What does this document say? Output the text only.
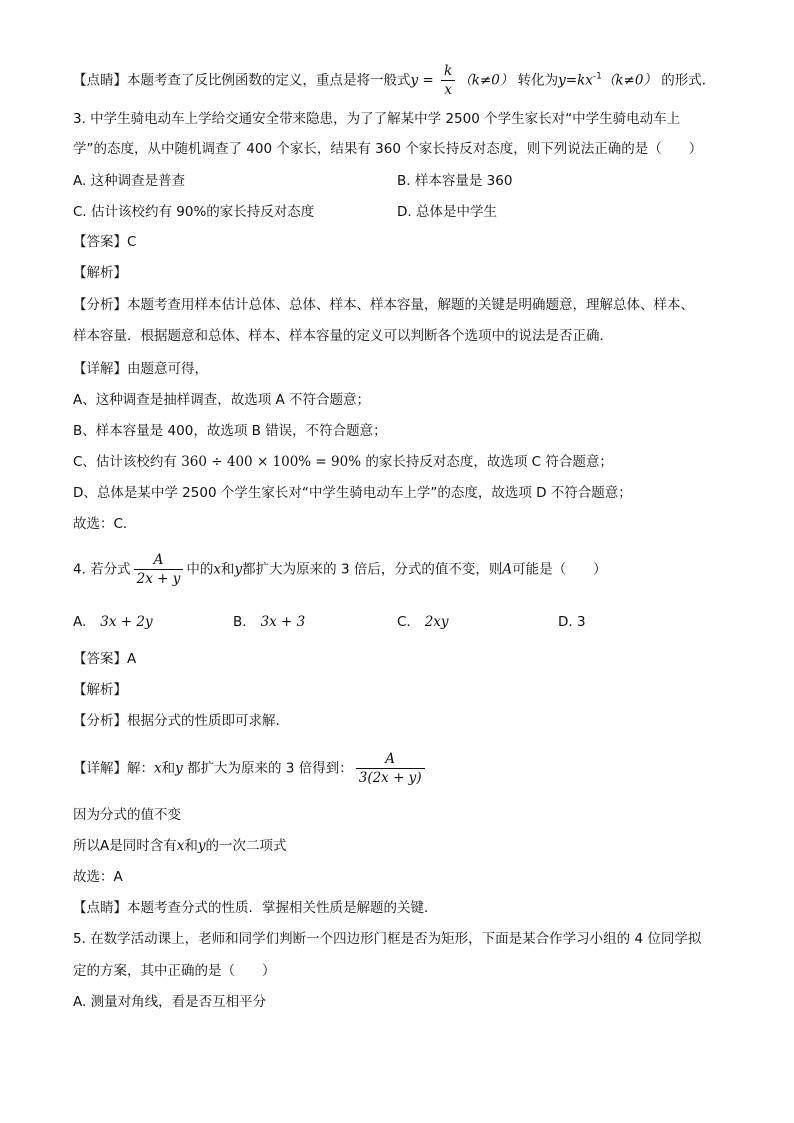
【点睛】本题考查了反比例函数的定义，重点是将一般式$y = \frac{k}{x} (k\ne 0)$ 转化为$y=kx^{-1}(k\ne 0)$ 的形式．
3. 中学生骑电动车上学给交通安全带来隐患，为了了解某中学 2500 个学生家长对“中学生骑电动车上
学”的态度，从中随机调查了 400 个家长，结果有 360 个家长持反对态度，则下列说法正确的是（　　）
A. 这种调查是普查	B. 样本容量是 360
C. 估计该校约有 90%的家长持反对态度	D. 总体是中学生
【答案】C
【解析】
【分析】本题考查用样本估计总体、总体、样本、样本容量，解题的关键是明确题意，理解总体、样本、
样本容量．根据题意和总体、样本、样本容量的定义可以判断各个选项中的说法是否正确．
【详解】由题意可得，
A、这种调查是抽样调查，故选项 A 不符合题意；
B、样本容量是 400，故选项 B 错误，不符合题意；
C、估计该校约有 360 ÷ 400 × 100% = 90% 的家长持反对态度，故选项 C 符合题意；
D、总体是某中学 2500 个学生家长对“中学生骑电动车上学”的态度，故选项 D 不符合题意；
故选：C．
4. 若分式 $\frac{A}{2x + y}$ 中的x和y都扩大为原来的 3 倍后，分式的值不变，则A可能是（　　）
A. 3x + 2y	B. 3x + 3	C. 2xy	D. 3
【答案】A
【解析】
【分析】根据分式的性质即可求解．
【详解】解：x和y 都扩大为原来的 3 倍得到： $\frac{A}{3(2x + y)}$
因为分式的值不变
所以A是同时含有x和y的一次二项式
故选：A
【点睛】本题考查分式的性质．掌握相关性质是解题的关键．
5. 在数学活动课上，老师和同学们判断一个四边形门框是否为矩形，下面是某合作学习小组的 4 位同学拟
定的方案，其中正确的是（　　）
A. 测量对角线，看是否互相平分
